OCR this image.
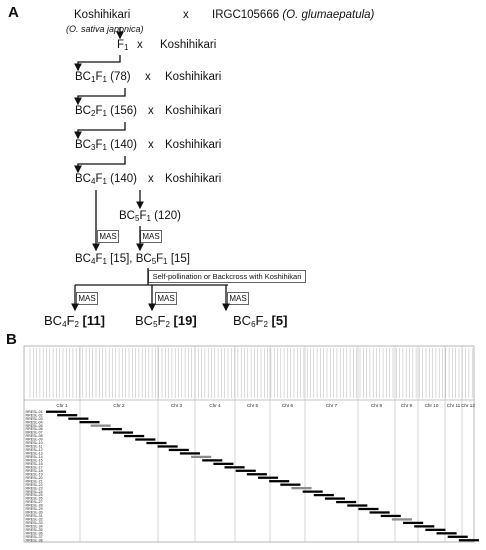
A	Koshihikari	x IRGC105666 (O. glumaepatula)
(O. sativa japonica)
$F_1$ x Koshihikari
$BC_1F_1$ (78) x Koshihikari
$BC_2F_1$ (156) x Koshihikari
$BC_3F_1$ (140) x Koshihikari
$BC_4F_1$ (140) x Koshihikari
$BC_5F_1$ (120)
MAS	MAS
$BC_4F_1$ [15], $BC_5F_1$ [15]
Self-pollination or Backcross with Koshihikari
MAS	MAS	MAS
$BC_4F_2$ [11] $BC_5F_2$ [19]	$BC_6F_2$ [5]
B
Chr 1	Chr 2	Chr 3	Chr 4	Chr 5	Chr 6	Chr 7	Chr 8	Chr 9	Chr 10 Chr 11 Chr 12
RRESL-01
RRESL-02
RRESL-03
RRESL-04
RRESL-05
RRESL-06
RRESL-07
RRESL-08
RRESL-09
RRESL-10
RRESL-11
RRESL-12
RRESL-13
RRESL-14
RRESL-15
RRESL-16
RRESL-17
RRESL-18
RRESL-19
RRESL-20
RRESL-21
RRESL-22
RRESL-23
RRESL-24
RRESL-25
RRESL-26
RRESL-27
RRESL-28
RRESL-29
RRESL-30
RRESL-31
RRESL-32
RRESL-33
RRESL-34
RRESL-35
RRESL-36
RRESL-37
RRESL-38
